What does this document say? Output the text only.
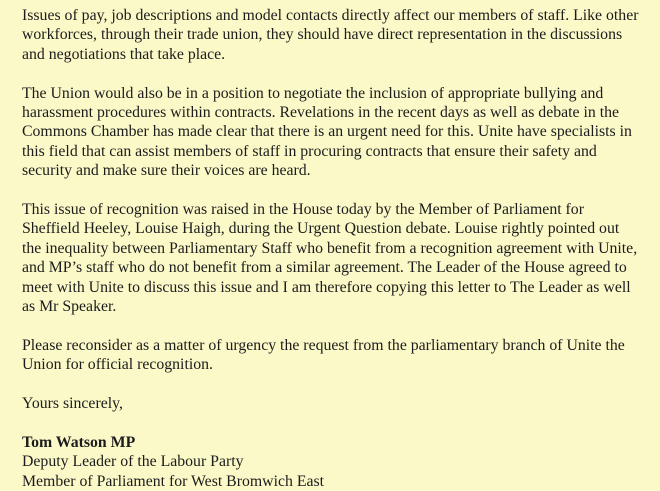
Issues of pay, job descriptions and model contacts directly affect our members of staff. Like other workforces, through their trade union, they should have direct representation in the discussions and negotiations that take place.

The Union would also be in a position to negotiate the inclusion of appropriate bullying and harassment procedures within contracts. Revelations in the recent days as well as debate in the Commons Chamber has made clear that there is an urgent need for this. Unite have specialists in this field that can assist members of staff in procuring contracts that ensure their safety and security and make sure their voices are heard.

This issue of recognition was raised in the House today by the Member of Parliament for Sheffield Heeley, Louise Haigh, during the Urgent Question debate. Louise rightly pointed out the inequality between Parliamentary Staff who benefit from a recognition agreement with Unite, and MP’s staff who do not benefit from a similar agreement. The Leader of the House agreed to meet with Unite to discuss this issue and I am therefore copying this letter to The Leader as well as Mr Speaker.

Please reconsider as a matter of urgency the request from the parliamentary branch of Unite the Union for official recognition.

Yours sincerely,

Tom Watson MP

Deputy Leader of the Labour Party

Member of Parliament for West Bromwich East
